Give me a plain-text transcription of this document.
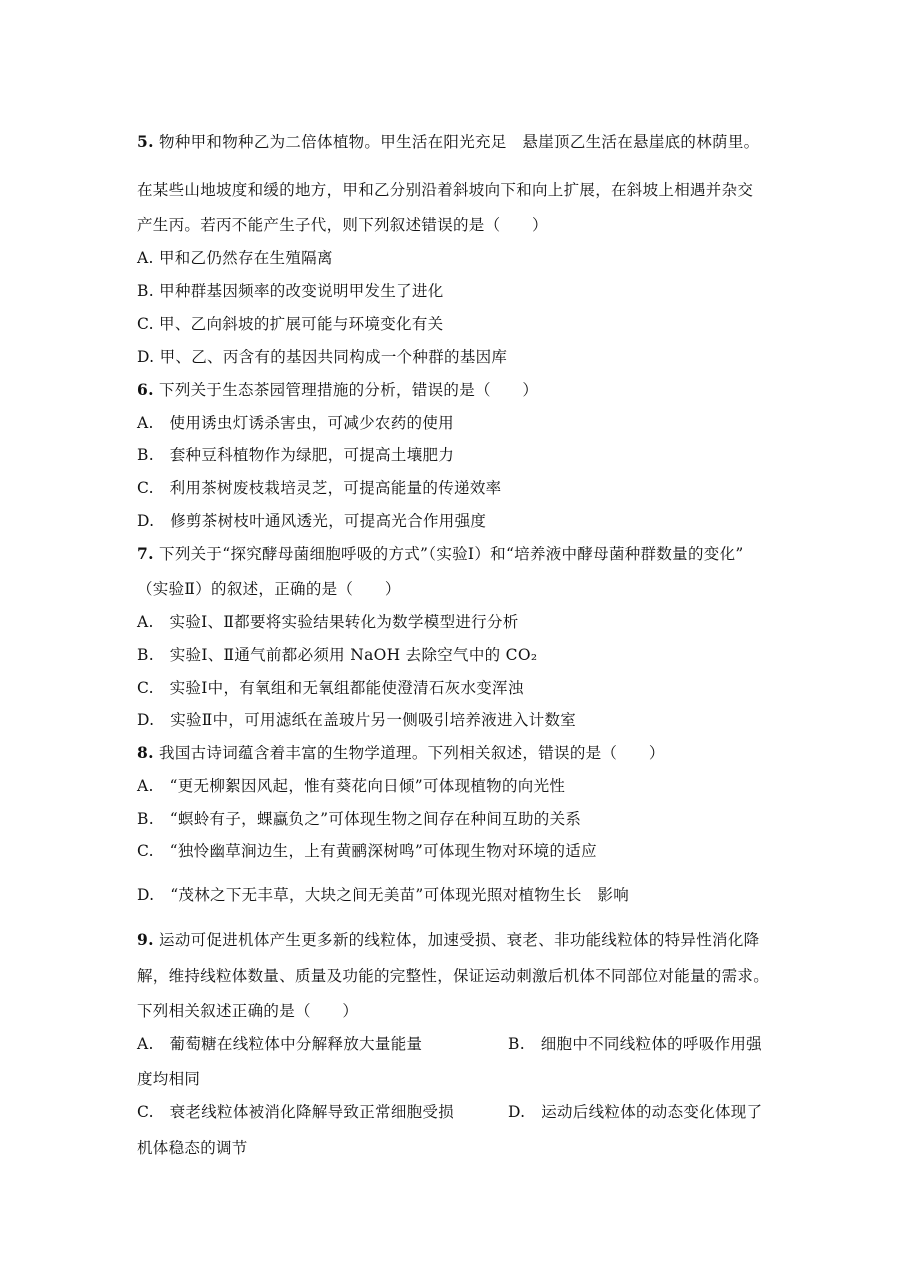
5. 物种甲和物种乙为二倍体植物。甲生活在阳光充足　悬崖顶乙生活在悬崖底的林荫里。
在某些山地坡度和缓的地方，甲和乙分别沿着斜坡向下和向上扩展，在斜坡上相遇并杂交
产生丙。若丙不能产生子代，则下列叙述错误的是（　　）
A. 甲和乙仍然存在生殖隔离
B. 甲种群基因频率的改变说明甲发生了进化
C. 甲、乙向斜坡的扩展可能与环境变化有关
D. 甲、乙、丙含有的基因共同构成一个种群的基因库
6. 下列关于生态茶园管理措施的分析，错误的是（　　）
A.　使用诱虫灯诱杀害虫，可减少农药的使用
B.　套种豆科植物作为绿肥，可提高土壤肥力
C.　利用茶树废枝栽培灵芝，可提高能量的传递效率
D.　修剪茶树枝叶通风透光，可提高光合作用强度
7. 下列关于“探究酵母菌细胞呼吸的方式”（实验Ⅰ）和“培养液中酵母菌种群数量的变化”
（实验Ⅱ）的叙述，正确的是（　　）
A.　实验Ⅰ、Ⅱ都要将实验结果转化为数学模型进行分析
B.　实验Ⅰ、Ⅱ通气前都必须用 NaOH 去除空气中的 CO₂
C.　实验Ⅰ中，有氧组和无氧组都能使澄清石灰水变浑浊
D.　实验Ⅱ中，可用滤纸在盖玻片另一侧吸引培养液进入计数室
8. 我国古诗词蕴含着丰富的生物学道理。下列相关叙述，错误的是（　　）
A.　“更无柳絮因风起，惟有葵花向日倾”可体现植物的向光性
B.　“螟蛉有子，蜾蠃负之”可体现生物之间存在种间互助的关系
C.　“独怜幽草涧边生，上有黄鹂深树鸣”可体现生物对环境的适应
D.　“茂林之下无丰草，大块之间无美苗”可体现光照对植物生长　影响
9. 运动可促进机体产生更多新的线粒体，加速受损、衰老、非功能线粒体的特异性消化降
解，维持线粒体数量、质量及功能的完整性，保证运动刺激后机体不同部位对能量的需求。
下列相关叙述正确的是（　　）
A.　葡萄糖在线粒体中分解释放大量能量	B.　细胞中不同线粒体的呼吸作用强
度均相同
C.　衰老线粒体被消化降解导致正常细胞受损	D.　运动后线粒体的动态变化体现了
机体稳态的调节
